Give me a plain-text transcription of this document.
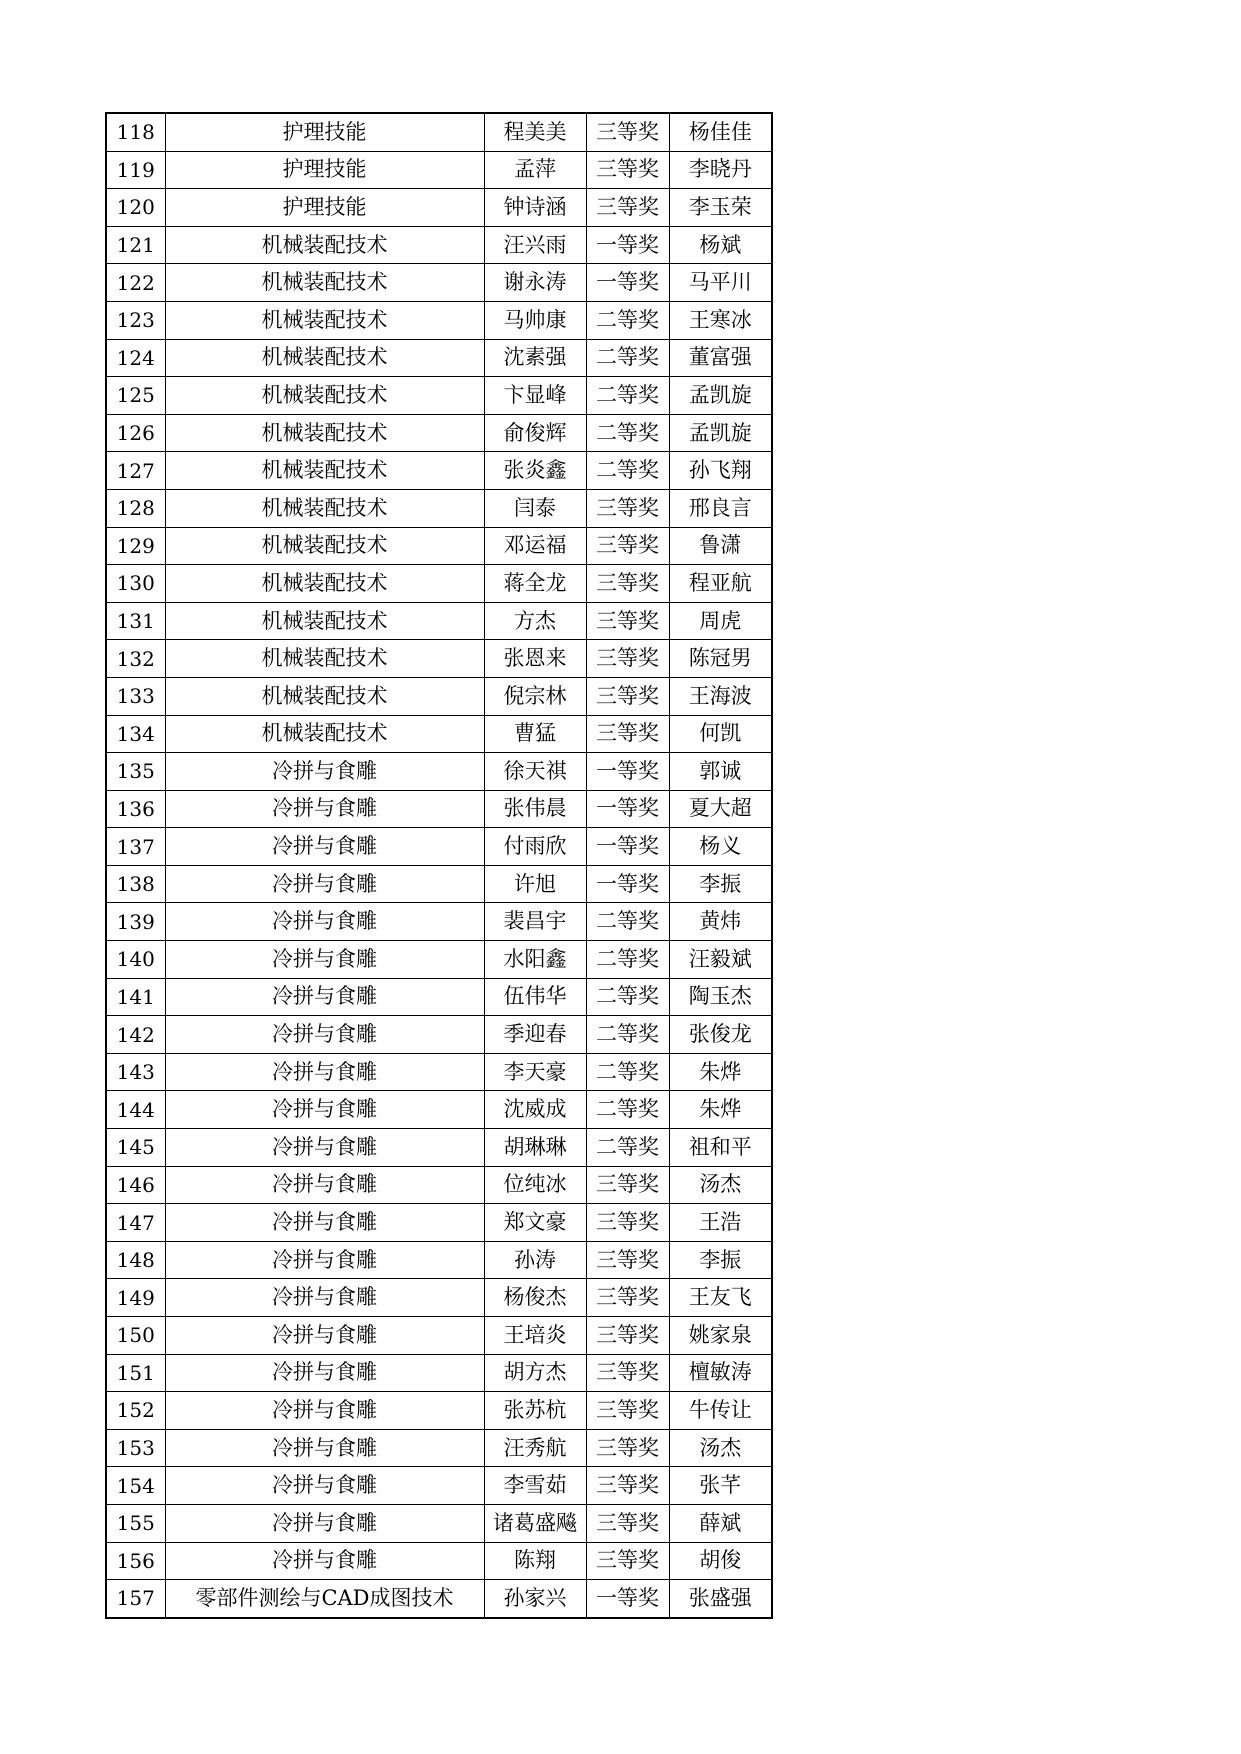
118	护理技能	程美美	三等奖	杨佳佳
119	护理技能	孟萍	三等奖	李晓丹
120	护理技能	钟诗涵	三等奖	李玉荣
121	机械装配技术	汪兴雨	一等奖	杨斌
122	机械装配技术	谢永涛	一等奖	马平川
123	机械装配技术	马帅康	二等奖	王寒冰
124	机械装配技术	沈素强	二等奖	董富强
125	机械装配技术	卞显峰	二等奖	孟凯旋
126	机械装配技术	俞俊辉	二等奖	孟凯旋
127	机械装配技术	张炎鑫	二等奖	孙飞翔
128	机械装配技术	闫泰	三等奖	邢良言
129	机械装配技术	邓运福	三等奖	鲁潇
130	机械装配技术	蒋全龙	三等奖	程亚航
131	机械装配技术	方杰	三等奖	周虎
132	机械装配技术	张恩来	三等奖	陈冠男
133	机械装配技术	倪宗林	三等奖	王海波
134	机械装配技术	曹猛	三等奖	何凯
135	冷拼与食雕	徐天祺	一等奖	郭诚
136	冷拼与食雕	张伟晨	一等奖	夏大超
137	冷拼与食雕	付雨欣	一等奖	杨义
138	冷拼与食雕	许旭	一等奖	李振
139	冷拼与食雕	裴昌宇	二等奖	黄炜
140	冷拼与食雕	水阳鑫	二等奖	汪毅斌
141	冷拼与食雕	伍伟华	二等奖	陶玉杰
142	冷拼与食雕	季迎春	二等奖	张俊龙
143	冷拼与食雕	李天豪	二等奖	朱烨
144	冷拼与食雕	沈威成	二等奖	朱烨
145	冷拼与食雕	胡琳琳	二等奖	祖和平
146	冷拼与食雕	位纯冰	三等奖	汤杰
147	冷拼与食雕	郑文豪	三等奖	王浩
148	冷拼与食雕	孙涛	三等奖	李振
149	冷拼与食雕	杨俊杰	三等奖	王友飞
150	冷拼与食雕	王培炎	三等奖	姚家泉
151	冷拼与食雕	胡方杰	三等奖	檀敏涛
152	冷拼与食雕	张苏杭	三等奖	牛传让
153	冷拼与食雕	汪秀航	三等奖	汤杰
154	冷拼与食雕	李雪茹	三等奖	张芊
155	冷拼与食雕	诸葛盛飚	三等奖	薛斌
156	冷拼与食雕	陈翔	三等奖	胡俊
157	零部件测绘与CAD成图技术	孙家兴	一等奖	张盛强
